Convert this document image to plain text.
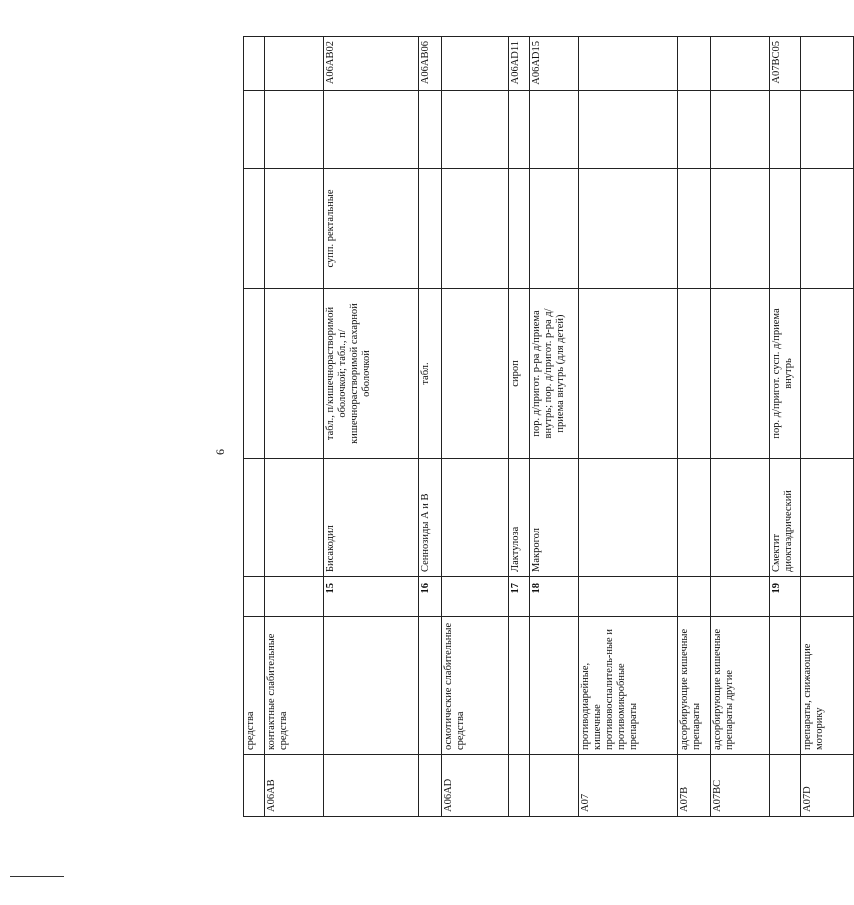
6
	средства						
A06AB	контактные слабительные средства						
		15	Бисакодил	табл., п/кишечнорастворимой оболочкой; табл., п/кишечнорастворимой сахарной оболочкой	супп. ректальные		A06AB02
		16	Сеннозиды А и В	табл.			A06AB06
A06AD	осмотические слабительные средства						
		17	Лактулоза	сироп			A06AD11
		18	Макрогол	пор. д/пригот. р-ра д/приема внутрь; пор. д/пригот. р-ра д/приема внутрь (для детей)			A06AD15
A07	противодиарейные, кишечные противовоспалитель-ные и противомикробные препараты						
A07B	адсорбирующие кишечные препараты						
A07BC	адсорбирующие кишечные препараты другие						
		19	Смектит диоктаэдрический	пор. д/пригот. сусп. д/приема внутрь			A07BC05
A07D	препараты, снижающие моторику						
